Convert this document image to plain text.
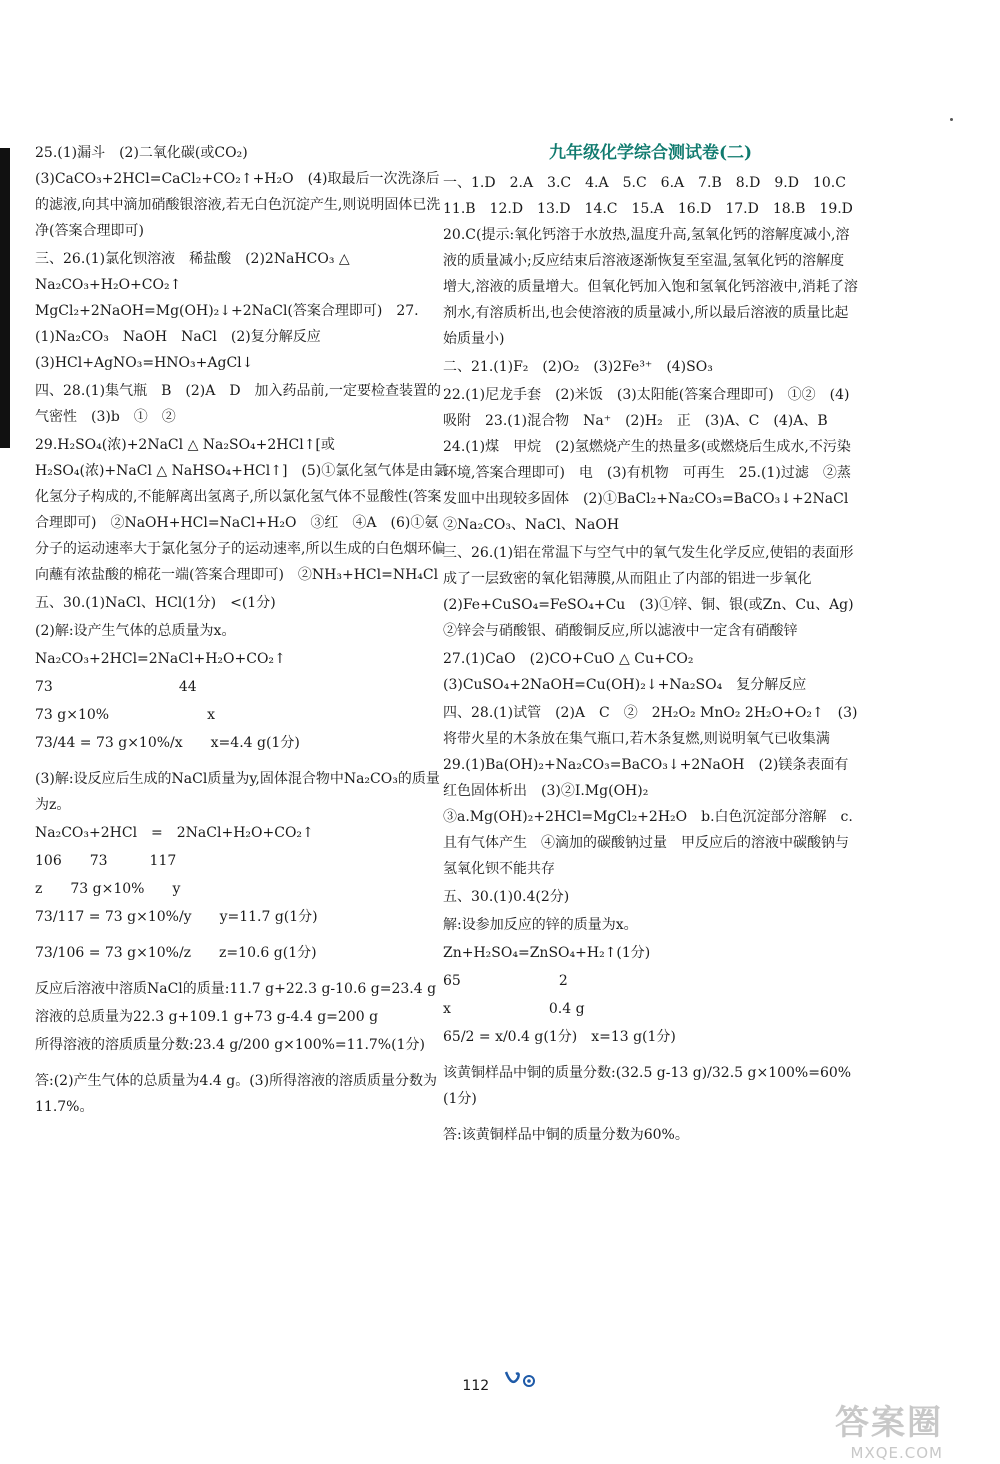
25.(1)漏斗　(2)二氧化碳(或CO₂)　(3)CaCO₃+2HCl=CaCl₂+CO₂↑+H₂O　(4)取最后一次洗涤后的滤液,向其中滴加硝酸银溶液,若无白色沉淀产生,则说明固体已洗净(答案合理即可)

三、26.(1)氯化钡溶液　稀盐酸　(2)2NaHCO₃ △ Na₂CO₃+H₂O+CO₂↑　MgCl₂+2NaOH=Mg(OH)₂↓+2NaCl(答案合理即可)　27.(1)Na₂CO₃　NaOH　NaCl　(2)复分解反应　(3)HCl+AgNO₃=HNO₃+AgCl↓

四、28.(1)集气瓶　B　(2)A　D　加入药品前,一定要检查装置的气密性　(3)b　①　②

29.H₂SO₄(浓)+2NaCl △ Na₂SO₄+2HCl↑[或H₂SO₄(浓)+NaCl △ NaHSO₄+HCl↑]　(5)①氯化氢气体是由氯化氢分子构成的,不能解离出氢离子,所以氯化氢气体不显酸性(答案合理即可)　②NaOH+HCl=NaCl+H₂O　③红　④A　(6)①氨分子的运动速率大于氯化氢分子的运动速率,所以生成的白色烟环偏向蘸有浓盐酸的棉花一端(答案合理即可)　②NH₃+HCl=NH₄Cl

五、30.(1)NaCl、HCl(1分)　<(1分)

(2)解:设产生气体的总质量为x。

Na₂CO₃+2HCl=2NaCl+H₂O+CO₂↑

73　　　　　　　　　44

73 g×10%　　　　　　　x

73/44 = 73 g×10%/x　　x=4.4 g(1分)

(3)解:设反应后生成的NaCl质量为y,固体混合物中Na₂CO₃的质量为z。

Na₂CO₃+2HCl　=　2NaCl+H₂O+CO₂↑

106　　73　　　117

z　　73 g×10%　　y

73/117 = 73 g×10%/y　　y=11.7 g(1分)

73/106 = 73 g×10%/z　　z=10.6 g(1分)

反应后溶液中溶质NaCl的质量:11.7 g+22.3 g-10.6 g=23.4 g

溶液的总质量为22.3 g+109.1 g+73 g-4.4 g=200 g

所得溶液的溶质质量分数:23.4 g/200 g×100%=11.7%(1分)

答:(2)产生气体的总质量为4.4 g。(3)所得溶液的溶质质量分数为11.7%。

九年级化学综合测试卷(二)

一、1.D　2.A　3.C　4.A　5.C　6.A　7.B　8.D　9.D　10.C　11.B　12.D　13.D　14.C　15.A　16.D　17.D　18.B　19.D　20.C(提示:氧化钙溶于水放热,温度升高,氢氧化钙的溶解度减小,溶液的质量减小;反应结束后溶液逐渐恢复至室温,氢氧化钙的溶解度增大,溶液的质量增大。但氧化钙加入饱和氢氧化钙溶液中,消耗了溶剂水,有溶质析出,也会使溶液的质量减小,所以最后溶液的质量比起始质量小)

二、21.(1)F₂　(2)O₂　(3)2Fe³⁺　(4)SO₃

22.(1)尼龙手套　(2)米饭　(3)太阳能(答案合理即可)　①②　(4)吸附　23.(1)混合物　Na⁺　(2)H₂　正　(3)A、C　(4)A、B　24.(1)煤　甲烷　(2)氢燃烧产生的热量多(或燃烧后生成水,不污染环境,答案合理即可)　电　(3)有机物　可再生　25.(1)过滤　②蒸发皿中出现较多固体　(2)①BaCl₂+Na₂CO₃=BaCO₃↓+2NaCl　②Na₂CO₃、NaCl、NaOH

三、26.(1)铝在常温下与空气中的氧气发生化学反应,使铝的表面形成了一层致密的氧化铝薄膜,从而阻止了内部的铝进一步氧化　(2)Fe+CuSO₄=FeSO₄+Cu　(3)①锌、铜、银(或Zn、Cu、Ag)　②锌会与硝酸银、硝酸铜反应,所以滤液中一定含有硝酸锌

27.(1)CaO　(2)CO+CuO △ Cu+CO₂　(3)CuSO₄+2NaOH=Cu(OH)₂↓+Na₂SO₄　复分解反应

四、28.(1)试管　(2)A　C　②　2H₂O₂ MnO₂ 2H₂O+O₂↑　(3)将带火星的木条放在集气瓶口,若木条复燃,则说明氧气已收集满　29.(1)Ba(OH)₂+Na₂CO₃=BaCO₃↓+2NaOH　(2)镁条表面有红色固体析出　(3)②Ⅰ.Mg(OH)₂　③a.Mg(OH)₂+2HCl=MgCl₂+2H₂O　b.白色沉淀部分溶解　c.且有气体产生　④滴加的碳酸钠过量　甲反应后的溶液中碳酸钠与氢氧化钡不能共存

五、30.(1)0.4(2分)

解:设参加反应的锌的质量为x。

Zn+H₂SO₄=ZnSO₄+H₂↑(1分)

65　　　　　　　2

x　　　　　　　0.4 g

65/2 = x/0.4 g(1分)　x=13 g(1分)

该黄铜样品中铜的质量分数:(32.5 g-13 g)/32.5 g×100%=60%(1分)

答:该黄铜样品中铜的质量分数为60%。

112
答案圈
MXQE.COM
